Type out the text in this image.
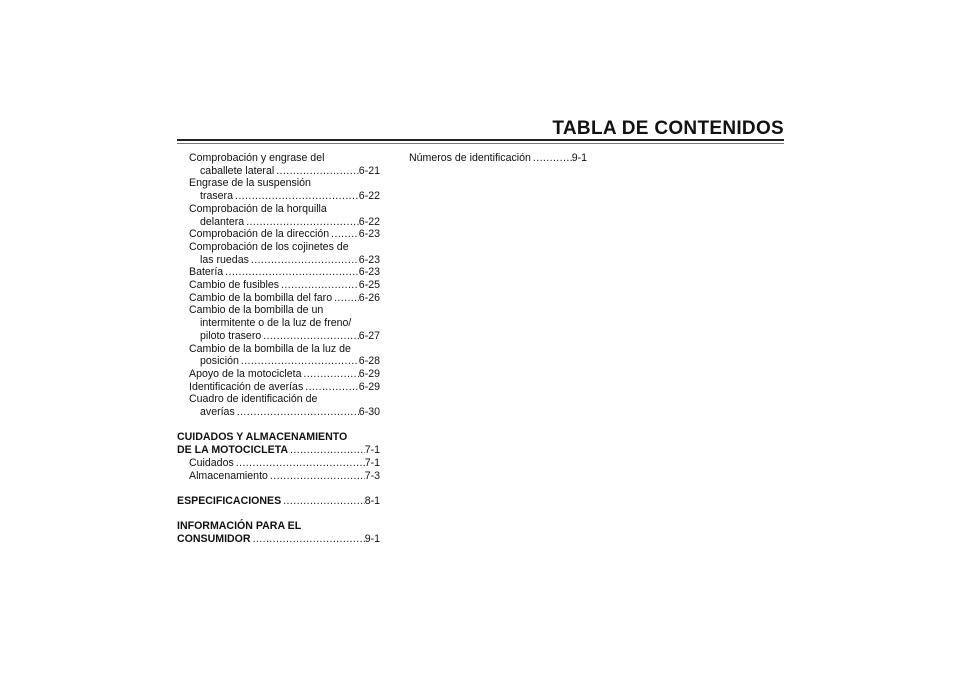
TABLA DE CONTENIDOS
Comprobación y engrase del
caballete lateral .....	6-21
Engrase de la suspensión
trasera .....	6-22
Comprobación de la horquilla
delantera .....	6-22
Comprobación de la dirección .....	6-23
Comprobación de los cojinetes de
las ruedas .....	6-23
Batería .....	6-23
Cambio de fusibles .....	6-25
Cambio de la bombilla del faro .....	6-26
Cambio de la bombilla de un
intermitente o de la luz de freno/
piloto trasero .....	6-27
Cambio de la bombilla de la luz de
posición .....	6-28
Apoyo de la motocicleta .....	6-29
Identificación de averías .....	6-29
Cuadro de identificación de
averías .....	6-30
CUIDADOS Y ALMACENAMIENTO
DE LA MOTOCICLETA .....	7-1
Cuidados .....	7-1
Almacenamiento .....	7-3
ESPECIFICACIONES .....	8-1
INFORMACIÓN PARA EL
CONSUMIDOR .....	9-1
Números de identificación .....	9-1
